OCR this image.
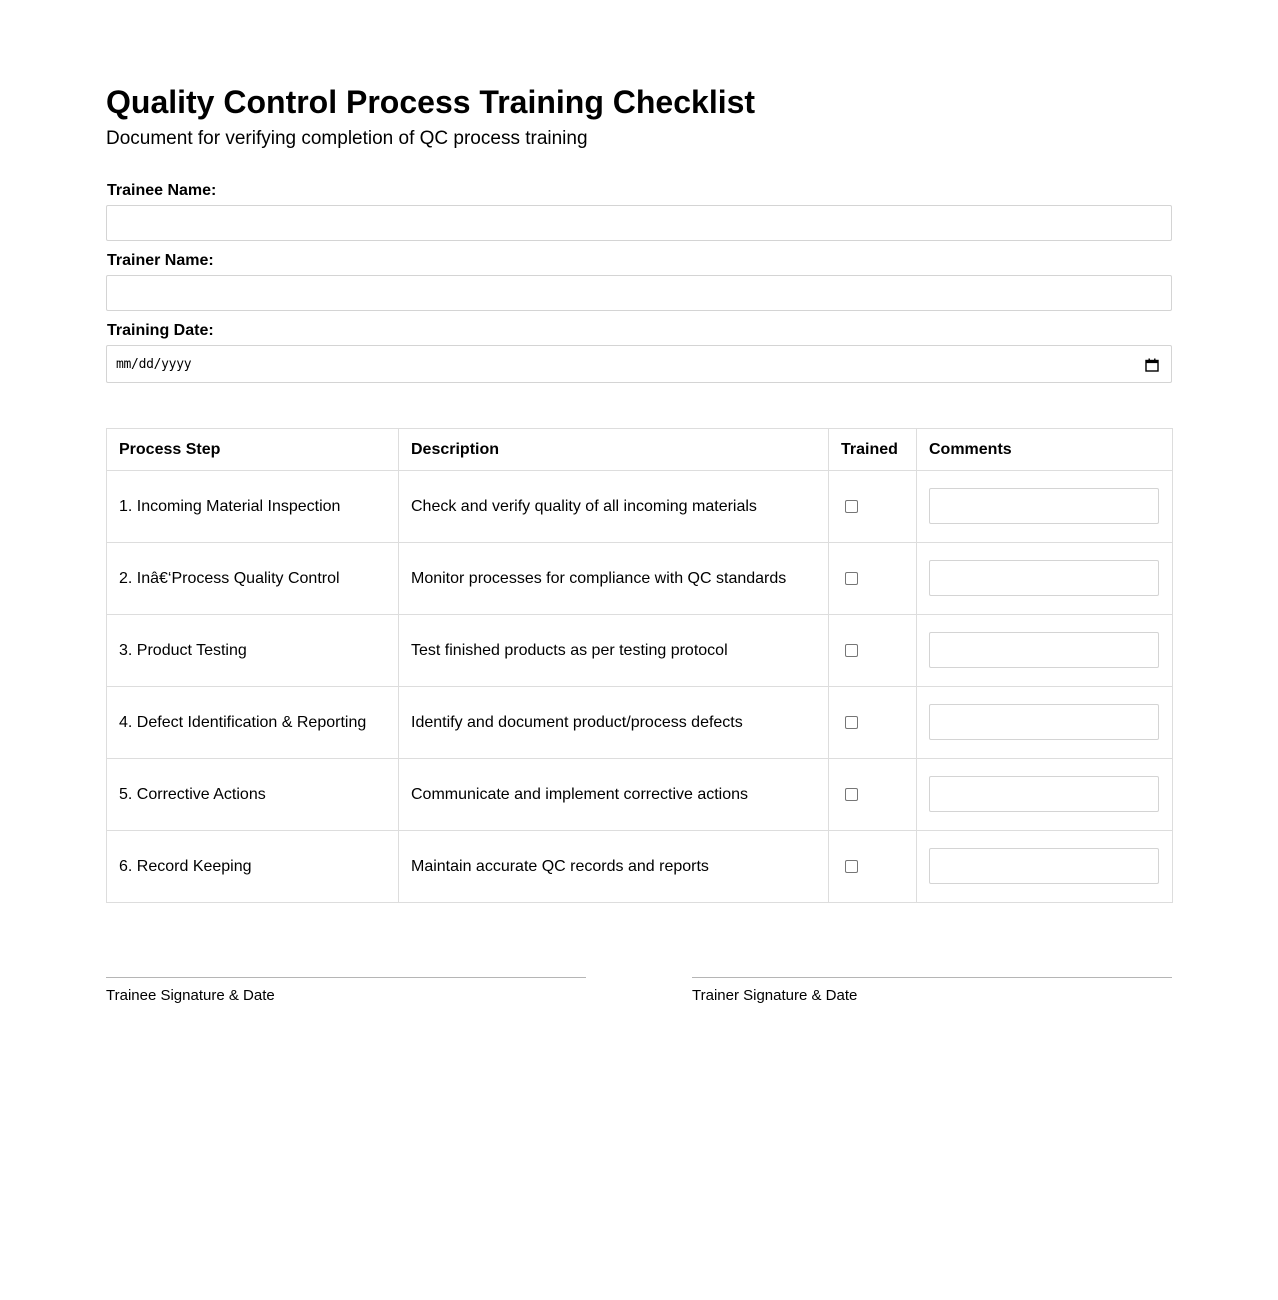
Quality Control Process Training Checklist

Document for verifying completion of QC process training

Trainee Name:
Trainer Name:
Training Date:
mm/dd/yyyy
Process Step	Description	Trained	Comments
1. Incoming Material Inspection	Check and verify quality of all incoming materials		

2. Inâ€‘Process Quality Control	Monitor processes for compliance with QC standards		

3. Product Testing	Test finished products as per testing protocol		

4. Defect Identification & Reporting	Identify and document product/process defects		

5. Corrective Actions	Communicate and implement corrective actions		

6. Record Keeping	Maintain accurate QC records and reports		
Trainee Signature & Date	Trainer Signature & Date
